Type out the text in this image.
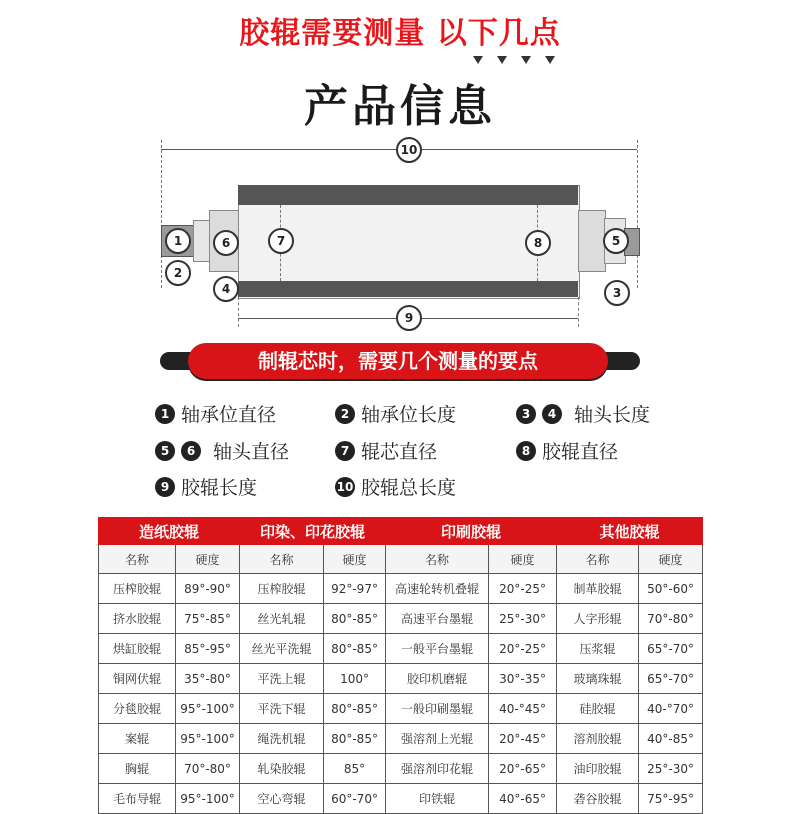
胶辊需要测量 以下几点
产品信息
10
1
2
3
4
5
6	7	8
9
制辊芯时，需要几个测量的要点
1 轴承位直径	2 轴承位长度	3 4 轴头长度
5 6 轴头直径	7 辊芯直径	8 胶辊直径
9 胶辊长度	10 胶辊总长度
造纸胶辊		印染、印花胶辊		印刷胶辊		其他胶辊	
名称	硬度	名称	硬度	名称	硬度	名称	硬度
压榨胶辊	89°-90°	压榨胶辊	92°-97°	高速轮转机叠辊	20°-25°	制革胶辊	50°-60°
挤水胶辊	75°-85°	丝光轧辊	80°-85°	高速平台墨辊	25°-30°	人字形辊	70°-80°
烘缸胶辊	85°-95°	丝光平洗辊	80°-85°	一般平台墨辊	20°-25°	压浆辊	65°-70°
铜网伏辊	35°-80°	平洗上辊	100°	胶印机磨辊	30°-35°	玻璃珠辊	65°-70°
分毯胶辊	95°-100°	平洗下辊	80°-85°	一般印刷墨辊	40-°45°	硅胶辊	40-°70°
案辊	95°-100°	绳洗机辊	80°-85°	强溶剂上光辊	20°-45°	溶剂胶辊	40°-85°
胸辊	70°-80°	轧染胶辊	85°	强溶剂印花辊	20°-65°	油印胶辊	25°-30°
毛布导辊	95°-100°	空心弯辊	60°-70°	印铁辊	40°-65°	砻谷胶辊	75°-95°
